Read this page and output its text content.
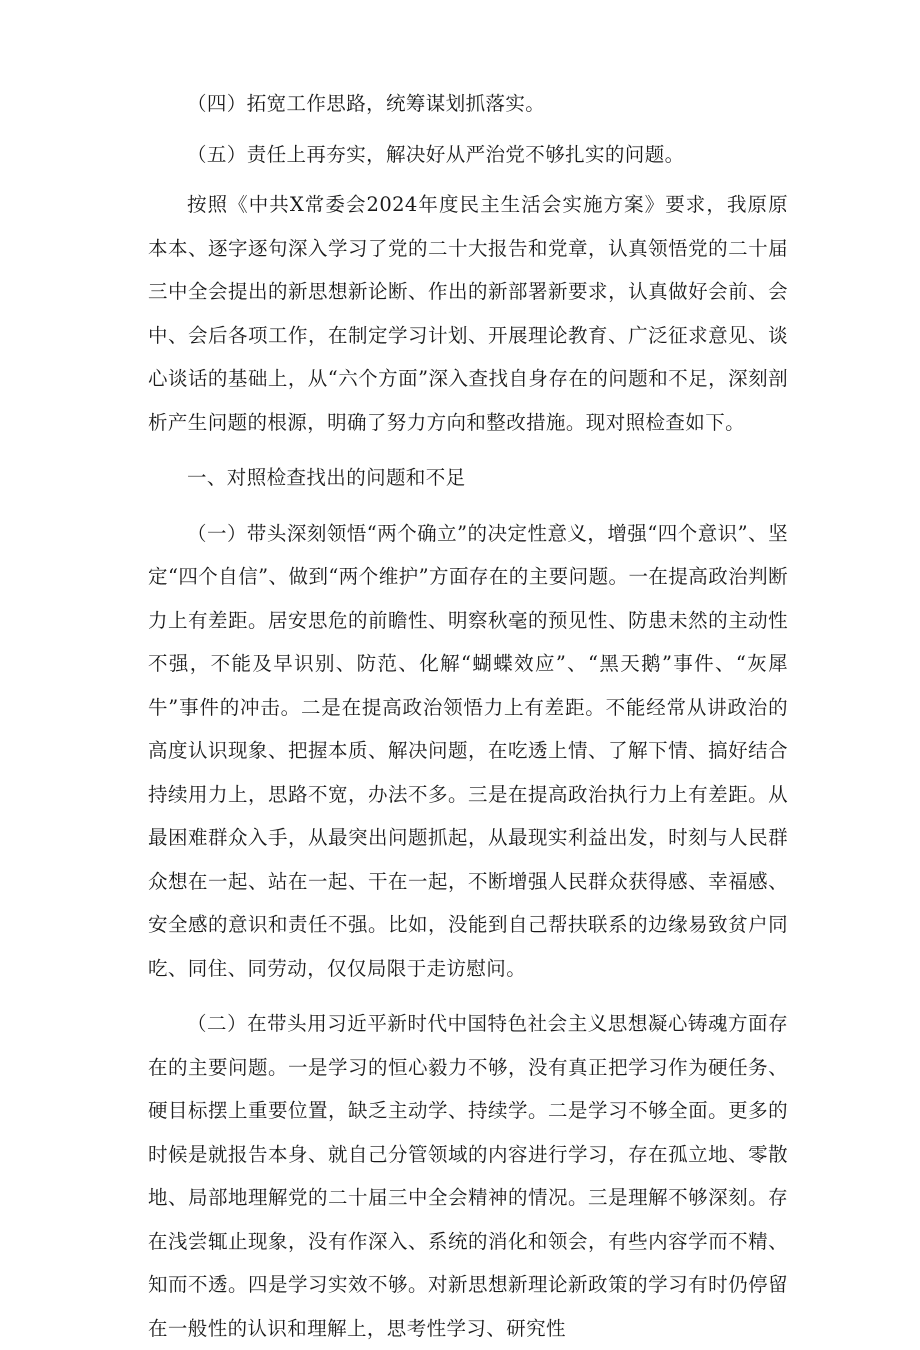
（四）拓宽工作思路，统筹谋划抓落实。

（五）责任上再夯实，解决好从严治党不够扎实的问题。

按照《中共X常委会2024年度民主生活会实施方案》要求，我原原本本、逐字逐句深入学习了党的二十大报告和党章，认真领悟党的二十届三中全会提出的新思想新论断、作出的新部署新要求，认真做好会前、会中、会后各项工作，在制定学习计划、开展理论教育、广泛征求意见、谈心谈话的基础上，从“六个方面”深入查找自身存在的问题和不足，深刻剖析产生问题的根源，明确了努力方向和整改措施。现对照检查如下。

一、对照检查找出的问题和不足

（一）带头深刻领悟“两个确立”的决定性意义，增强“四个意识”、坚定“四个自信”、做到“两个维护”方面存在的主要问题。一在提高政治判断力上有差距。居安思危的前瞻性、明察秋毫的预见性、防患未然的主动性不强，不能及早识别、防范、化解“蝴蝶效应”、“黑天鹅”事件、“灰犀牛”事件的冲击。二是在提高政治领悟力上有差距。不能经常从讲政治的高度认识现象、把握本质、解决问题，在吃透上情、了解下情、搞好结合持续用力上，思路不宽，办法不多。三是在提高政治执行力上有差距。从最困难群众入手，从最突出问题抓起，从最现实利益出发，时刻与人民群众想在一起、站在一起、干在一起，不断增强人民群众获得感、幸福感、安全感的意识和责任不强。比如，没能到自己帮扶联系的边缘易致贫户同吃、同住、同劳动，仅仅局限于走访慰问。

（二）在带头用习近平新时代中国特色社会主义思想凝心铸魂方面存在的主要问题。一是学习的恒心毅力不够，没有真正把学习作为硬任务、硬目标摆上重要位置，缺乏主动学、持续学。二是学习不够全面。更多的时候是就报告本身、就自己分管领域的内容进行学习，存在孤立地、零散地、局部地理解党的二十届三中全会精神的情况。三是理解不够深刻。存在浅尝辄止现象，没有作深入、系统的消化和领会，有些内容学而不精、知而不透。四是学习实效不够。对新思想新理论新政策的学习有时仍停留在一般性的认识和理解上，思考性学习、研究性
